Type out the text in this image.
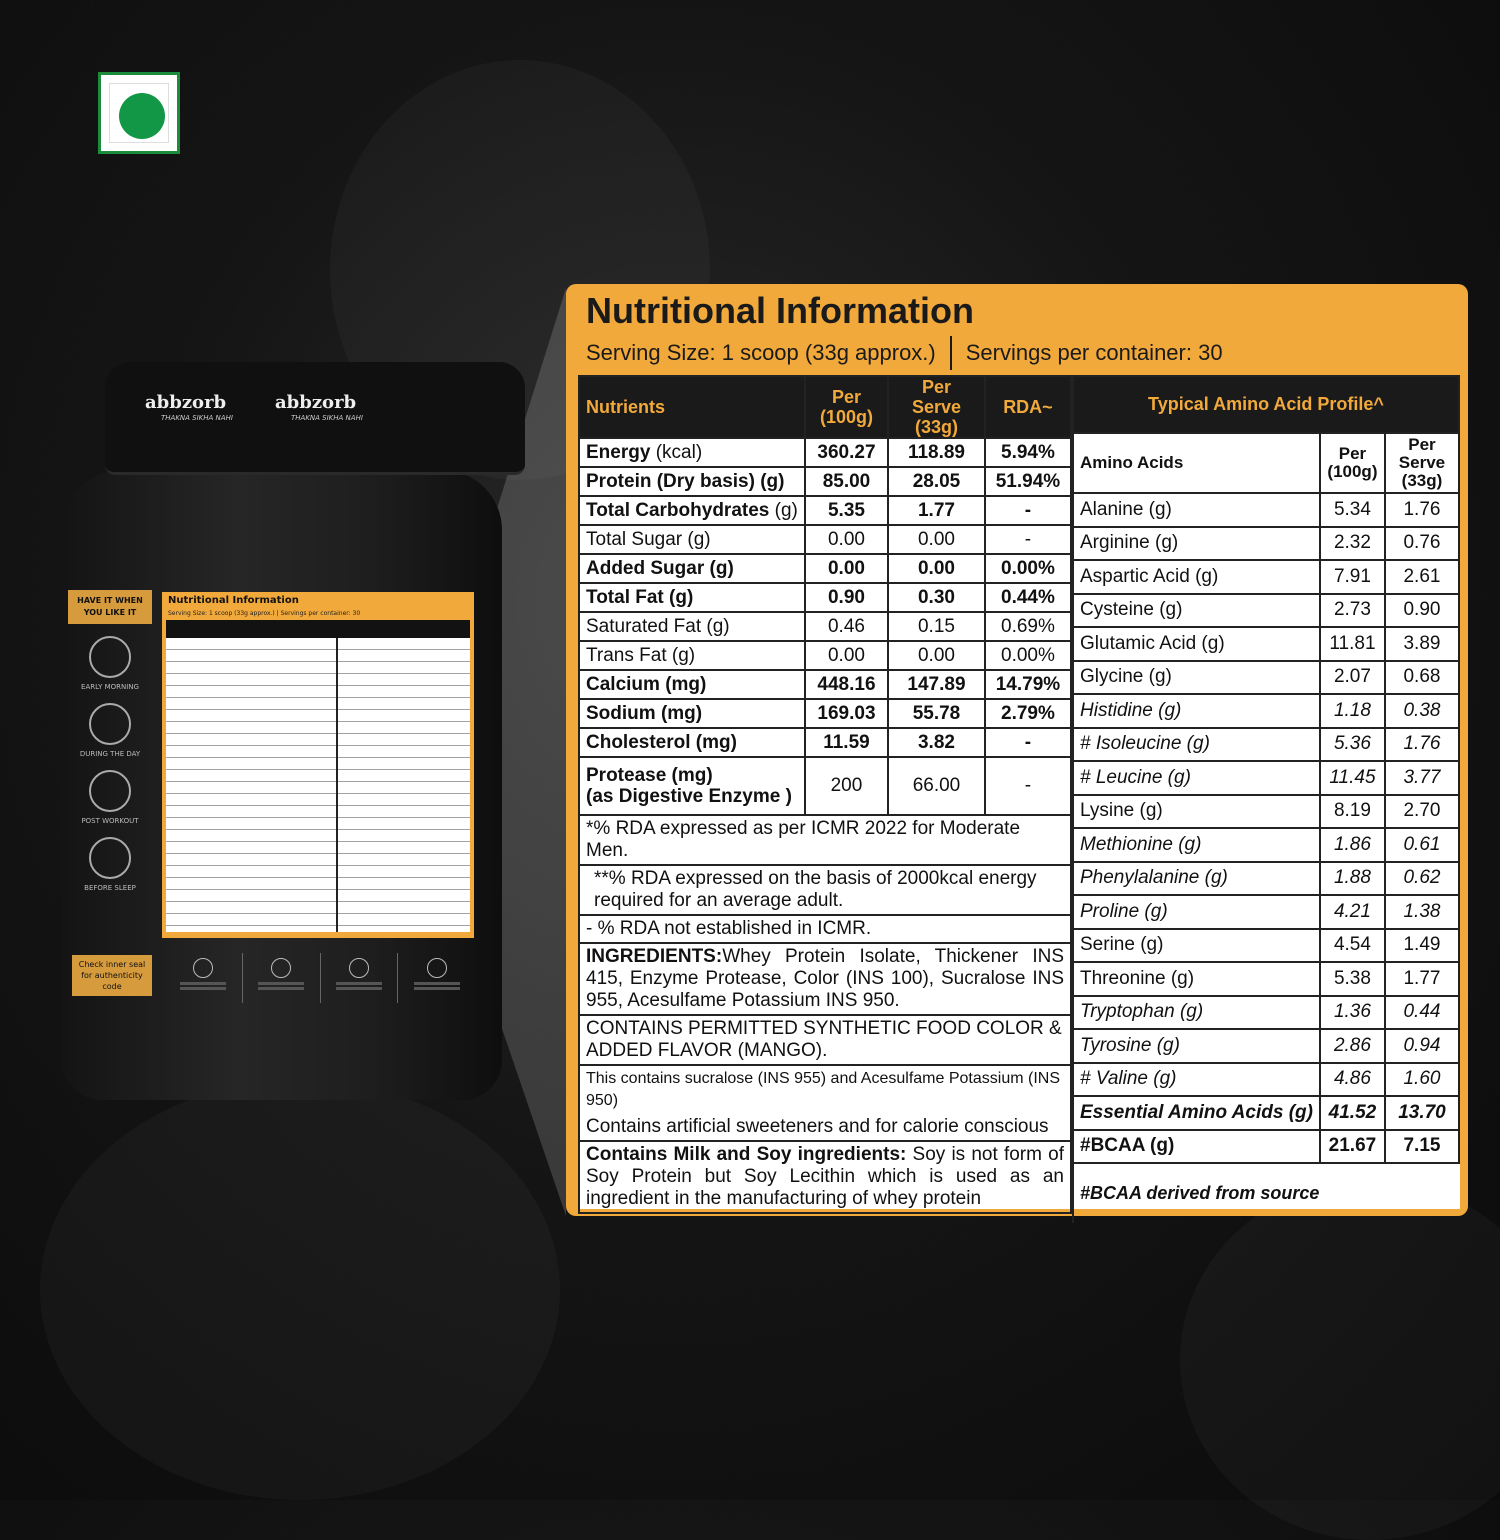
abbzorb
THAKNA SIKHA NAHI
abbzorb
THAKNA SIKHA NAHI
HAVE IT WHEN YOU LIKE IT
EARLY MORNING
DURING THE DAY
POST WORKOUT
BEFORE SLEEP
Check inner seal for authenticity code
Nutritional Information
Serving Size: 1 scoop (33g approx.) | Servings per container: 30
Nutritional Information
Serving Size: 1 scoop (33g approx.) Servings per container: 30
Nutrients	Per (100g)	Per Serve (33g)	RDA~
Energy (kcal)	360.27	118.89	5.94%
Protein (Dry basis) (g)	85.00	28.05	51.94%
Total Carbohydrates (g)	5.35	1.77	-
Total Sugar (g)	0.00	0.00	-
Added Sugar (g)	0.00	0.00	0.00%
Total Fat (g)	0.90	0.30	0.44%
Saturated Fat (g)	0.46	0.15	0.69%
Trans Fat (g)	0.00	0.00	0.00%
Calcium (mg)	448.16	147.89	14.79%
Sodium (mg)	169.03	55.78	2.79%
Cholesterol (mg)	11.59	3.82	-
Protease (mg)
(as Digestive Enzyme )	200	66.00	-
*% RDA expressed as per ICMR 2022 for Moderate Men.			
**% RDA expressed on the basis of 2000kcal energy required for an average adult.			
- % RDA not established in ICMR.			
INGREDIENTS:Whey Protein Isolate, Thickener INS 415, Enzyme Protease, Color (INS 100), Sucralose INS 955, Acesulfame Potassium INS 950.			
CONTAINS PERMITTED SYNTHETIC FOOD COLOR & ADDED FLAVOR (MANGO).			
This contains sucralose (INS 955) and Acesulfame Potassium (INS 950)			
Contains artificial sweeteners and for calorie conscious			
Contains Milk and Soy ingredients: Soy is not form of Soy Protein but Soy Lecithin which is used as an ingredient in the manufacturing of whey protein			
Typical Amino Acid Profile^		
Amino Acids	Per (100g)	Per Serve (33g)
Alanine (g)	5.34	1.76
Arginine (g)	2.32	0.76
Aspartic Acid (g)	7.91	2.61
Cysteine (g)	2.73	0.90
Glutamic Acid (g)	11.81	3.89
Glycine (g)	2.07	0.68
Histidine (g)	1.18	0.38
# Isoleucine (g)	5.36	1.76
# Leucine (g)	11.45	3.77
Lysine (g)	8.19	2.70
Methionine (g)	1.86	0.61
Phenylalanine (g)	1.88	0.62
Proline (g)	4.21	1.38
Serine (g)	4.54	1.49
Threonine (g)	5.38	1.77
Tryptophan (g)	1.36	0.44
Tyrosine (g)	2.86	0.94
# Valine (g)	4.86	1.60
Essential Amino Acids (g)	41.52	13.70
#BCAA (g)	21.67	7.15
#BCAA derived from source		
